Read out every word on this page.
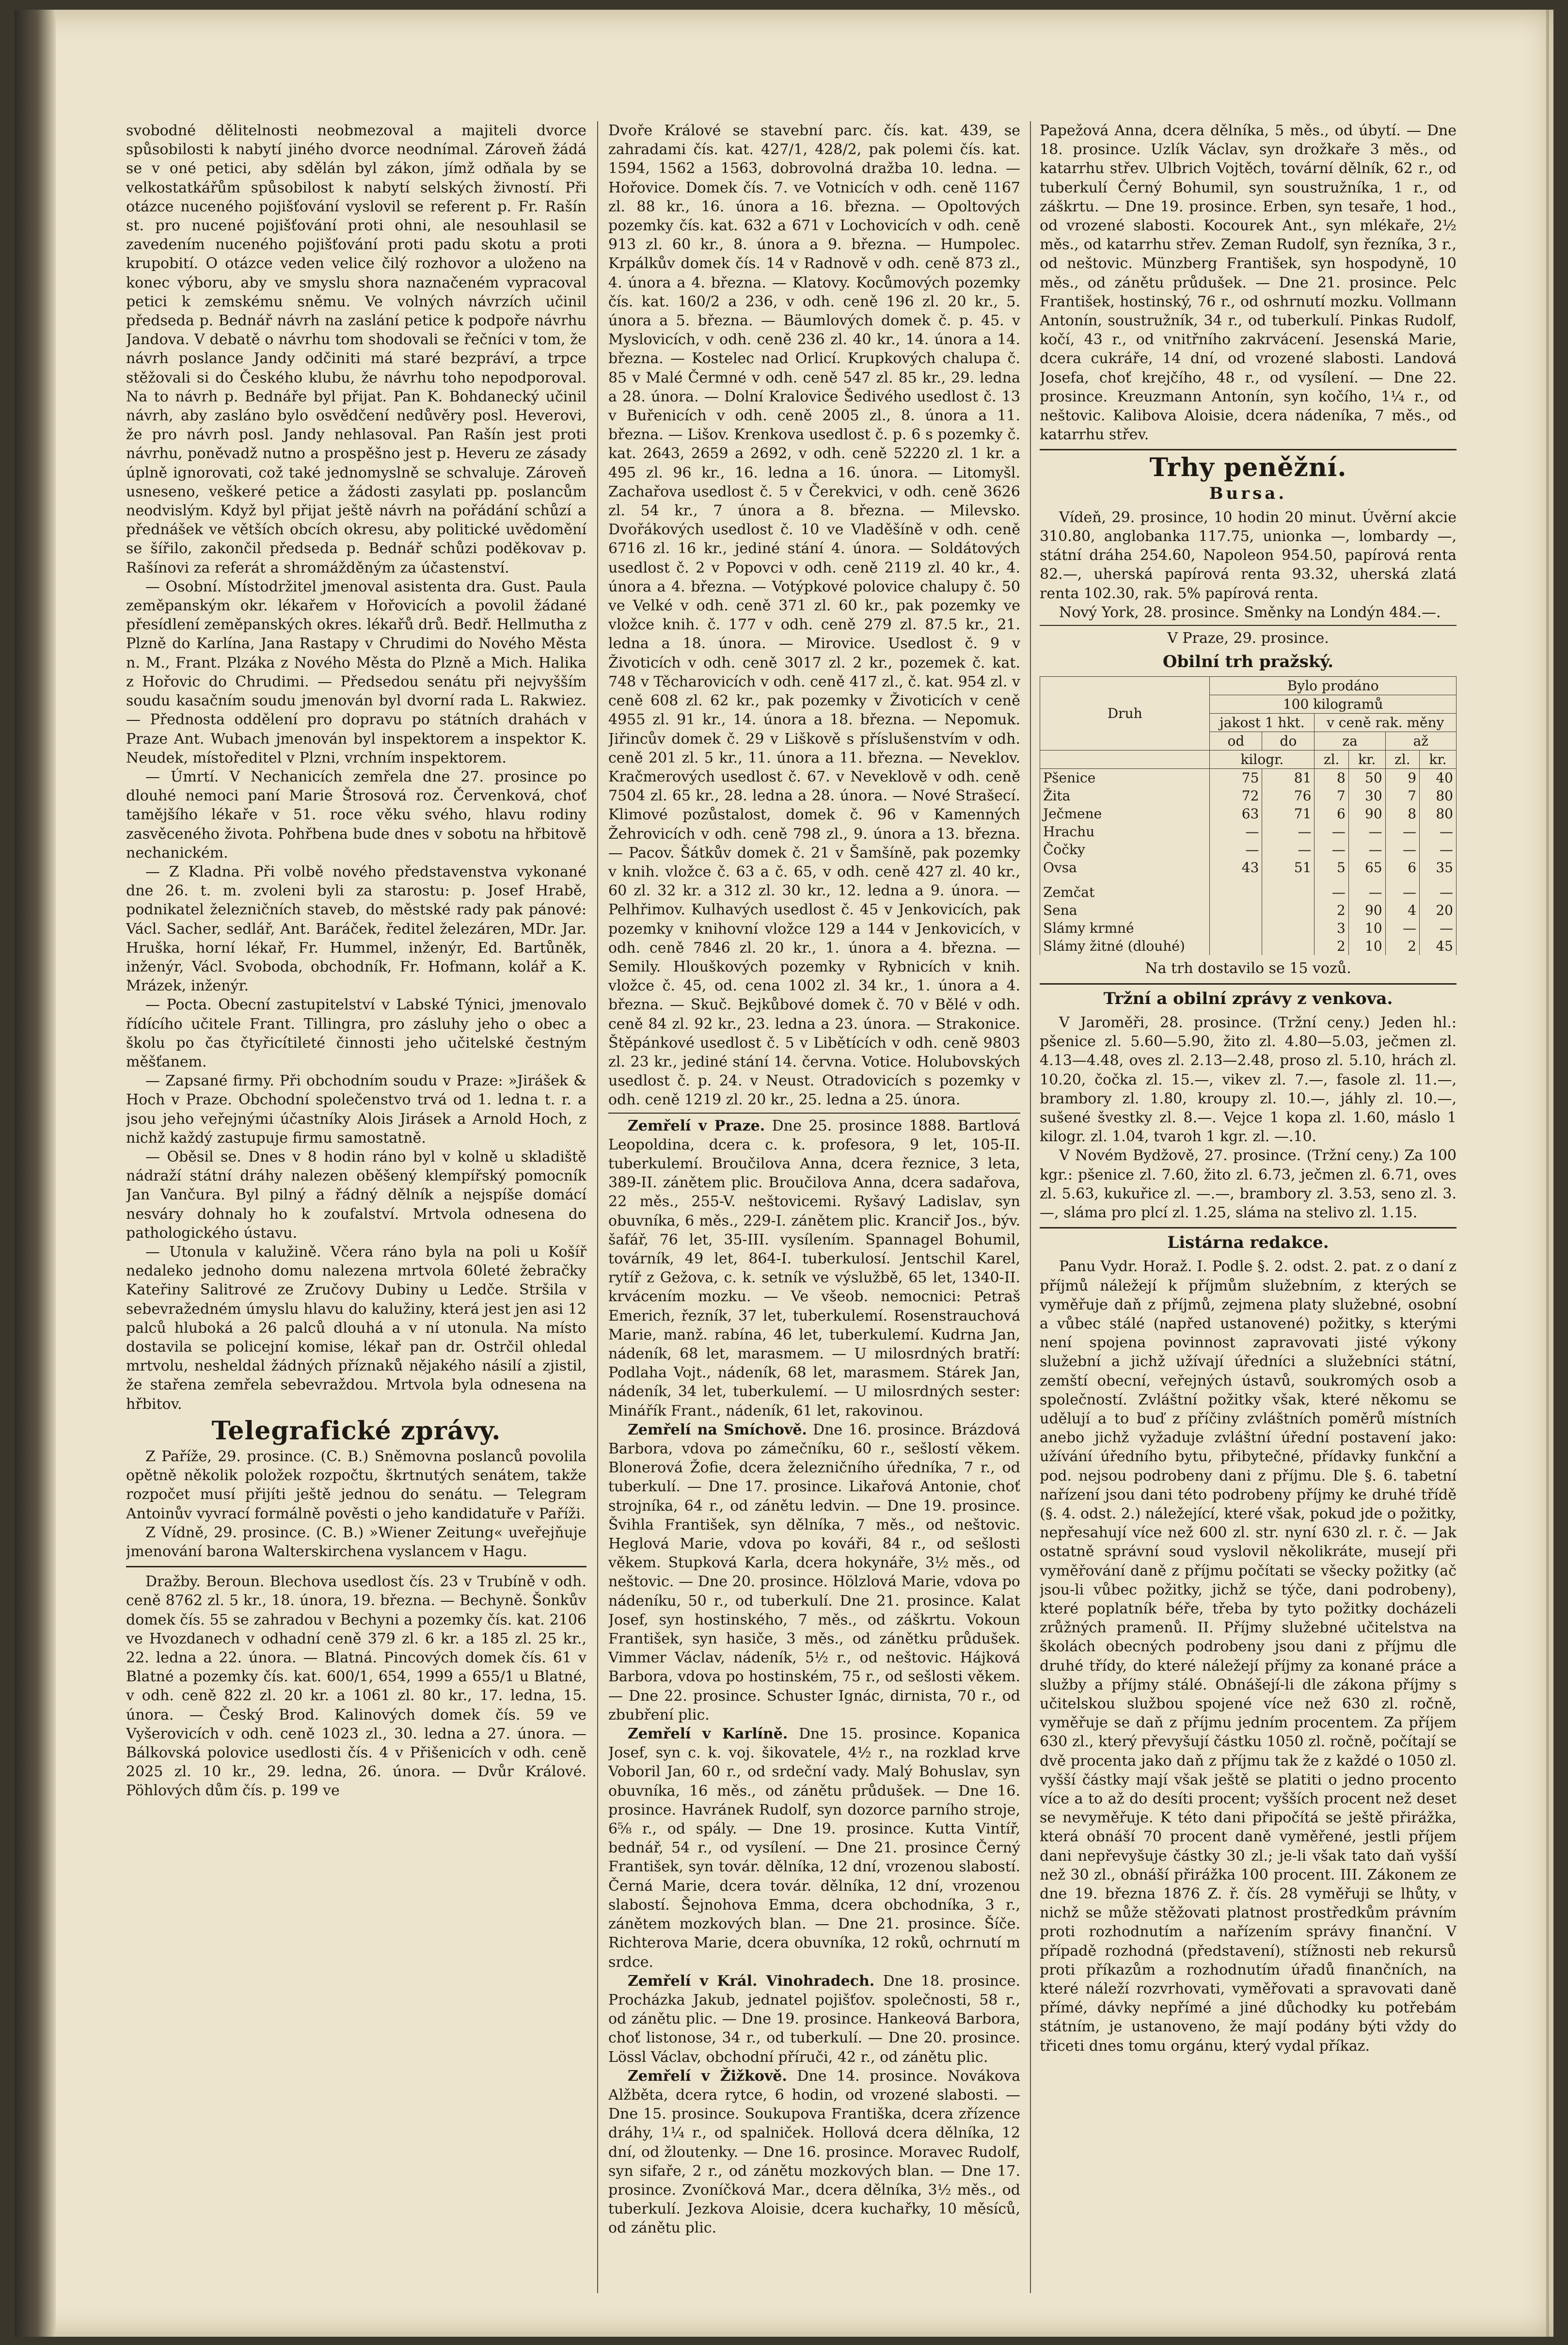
svobodné dělitelnosti neobmezoval a majiteli dvorce spůsobilosti k nabytí jiného dvorce neodnímal. Zároveň žádá se v oné petici, aby sdělán byl zákon, jímž odňala by se velkostatkářům spůsobilost k nabytí selských živností. Při otázce nuceného pojišťování vyslovil se referent p. Fr. Rašín st. pro nucené pojišťování proti ohni, ale nesouhlasil se zavedením nuceného pojišťování proti padu skotu a proti krupobití. O otázce veden velice čilý rozhovor a uloženo na konec výboru, aby ve smyslu shora naznačeném vypracoval petici k zemskému sněmu. Ve volných návrzích učinil předseda p. Bednář návrh na zaslání petice k podpoře návrhu Jandova. V debatě o návrhu tom shodovali se řečníci v tom, že návrh poslance Jandy odčiniti má staré bezpráví, a trpce stěžovali si do Českého klubu, že návrhu toho nepodporoval. Na to návrh p. Bednáře byl přijat. Pan K. Bohdanecký učinil návrh, aby zasláno bylo osvědčení nedůvěry posl. Heverovi, že pro návrh posl. Jandy nehlasoval. Pan Rašín jest proti návrhu, poněvadž nutno a prospěšno jest p. Heveru ze zásady úplně ignorovati, což také jednomyslně se schvaluje. Zároveň usneseno, veškeré petice a žádosti zasylati pp. poslancům neodvislým. Když byl přijat ještě návrh na pořádání schůzí a přednášek ve větších obcích okresu, aby politické uvědomění se šířilo, zakončil předseda p. Bednář schůzi poděkovav p. Rašínovi za referát a shromážděným za účastenství.

— Osobní. Místodržitel jmenoval asistenta dra. Gust. Paula zeměpanským okr. lékařem v Hořovicích a povolil žádané přesídlení zeměpanských okres. lékařů drů. Bedř. Hellmutha z Plzně do Karlína, Jana Rastapy v Chrudimi do Nového Města n. M., Frant. Plzáka z Nového Města do Plzně a Mich. Halika z Hořovic do Chrudimi. — Předsedou senátu při nejvyšším soudu kasačním soudu jmenován byl dvorní rada L. Rakwiez. — Přednosta oddělení pro dopravu po státních drahách v Praze Ant. Wubach jmenován byl inspektorem a inspektor K. Neudek, místoředitel v Plzni, vrchním inspektorem.

— Úmrtí. V Nechanicích zemřela dne 27. prosince po dlouhé nemoci paní Marie Štrosová roz. Červenková, choť tamějšího lékaře v 51. roce věku svého, hlavu rodiny zasvěceného života. Pohřbena bude dnes v sobotu na hřbitově nechanickém.

— Z Kladna. Při volbě nového představenstva vykonané dne 26. t. m. zvoleni byli za starostu: p. Josef Hrabě, podnikatel železničních staveb, do městské rady pak pánové: Václ. Sacher, sedlář, Ant. Baráček, ředitel železáren, MDr. Jar. Hruška, horní lékař, Fr. Hummel, inženýr, Ed. Bartůněk, inženýr, Václ. Svoboda, obchodník, Fr. Hofmann, kolář a K. Mrázek, inženýr.

— Pocta. Obecní zastupitelství v Labské Týnici, jmenovalo řídícího učitele Frant. Tillingra, pro zásluhy jeho o obec a školu po čas čtyřicítileté činnosti jeho učitelské čestným měšťanem.

— Zapsané firmy. Při obchodním soudu v Praze: »Jirášek & Hoch v Praze. Obchodní společenstvo trvá od 1. ledna t. r. a jsou jeho veřejnými účastníky Alois Jirásek a Arnold Hoch, z nichž každý zastupuje firmu samostatně.

— Oběsil se. Dnes v 8 hodin ráno byl v kolně u skladiště nádraží státní dráhy nalezen oběšený klempířský pomocník Jan Vančura. Byl pilný a řádný dělník a nejspíše domácí nesváry dohnaly ho k zoufalství. Mrtvola odnesena do pathologického ústavu.

— Utonula v kalužině. Včera ráno byla na poli u Košíř nedaleko jednoho domu nalezena mrtvola 60leté žebračky Kateřiny Salitrové ze Zručovy Dubiny u Ledče. Stršila v sebevražedném úmyslu hlavu do kalužiny, která jest jen asi 12 palců hluboká a 26 palců dlouhá a v ní utonula. Na místo dostavila se policejní komise, lékař pan dr. Ostrčil ohledal mrtvolu, nesheldal žádných příznaků nějakého násilí a zjistil, že stařena zemřela sebevraždou. Mrtvola byla odnesena na hřbitov.

Telegrafické zprávy.

Z Paříže, 29. prosince. (C. B.) Sněmovna poslanců povolila opětně několik položek rozpočtu, škrtnutých senátem, takže rozpočet musí přijíti ještě jednou do senátu. — Telegram Antoinův vyvrací formálně pověsti o jeho kandidatuře v Paříži.

Z Vídně, 29. prosince. (C. B.) »Wiener Zeitung« uveřejňuje jmenování barona Walterskirchena vyslancem v Hagu.

Dražby. Beroun. Blechova usedlost čís. 23 v Trubíně v odh. ceně 8762 zl. 5 kr., 18. února, 19. března. — Bechyně. Šonkův domek čís. 55 se zahradou v Bechyni a pozemky čís. kat. 2106 ve Hvozdanech v odhadní ceně 379 zl. 6 kr. a 185 zl. 25 kr., 22. ledna a 22. února. — Blatná. Pincových domek čís. 61 v Blatné a pozemky čís. kat. 600/1, 654, 1999 a 655/1 u Blatné, v odh. ceně 822 zl. 20 kr. a 1061 zl. 80 kr., 17. ledna, 15. února. — Český Brod. Kalinových domek čís. 59 ve Vyšerovicích v odh. ceně 1023 zl., 30. ledna a 27. února. — Bálkovská polovice usedlosti čís. 4 v Přišenicích v odh. ceně 2025 zl. 10 kr., 29. ledna, 26. února. — Dvůr Králové. Pöhlových dům čís. p. 199 ve

Dvoře Králové se stavební parc. čís. kat. 439, se zahradami čís. kat. 427/1, 428/2, pak polemi čís. kat. 1594, 1562 a 1563, dobrovolná dražba 10. ledna. — Hořovice. Domek čís. 7. ve Votnicích v odh. ceně 1167 zl. 88 kr., 16. února a 16. března. — Opoltových pozemky čís. kat. 632 a 671 v Lochovicích v odh. ceně 913 zl. 60 kr., 8. února a 9. března. — Humpolec. Krpálkův domek čís. 14 v Radnově v odh. ceně 873 zl., 4. února a 4. března. — Klatovy. Kocůmových pozemky čís. kat. 160/2 a 236, v odh. ceně 196 zl. 20 kr., 5. února a 5. března. — Bäumlových domek č. p. 45. v Myslovicích, v odh. ceně 236 zl. 40 kr., 14. února a 14. března. — Kostelec nad Orlicí. Krupkových chalupa č. 85 v Malé Čermné v odh. ceně 547 zl. 85 kr., 29. ledna a 28. února. — Dolní Kralovice Šedivého usedlost č. 13 v Buřenicích v odh. ceně 2005 zl., 8. února a 11. března. — Lišov. Krenkova usedlost č. p. 6 s pozemky č. kat. 2643, 2659 a 2692, v odh. ceně 52220 zl. 1 kr. a 495 zl. 96 kr., 16. ledna a 16. února. — Litomyšl. Zachařova usedlost č. 5 v Čerekvici, v odh. ceně 3626 zl. 54 kr., 7 února a 8. března. — Milevsko. Dvořákových usedlost č. 10 ve Vladěšíně v odh. ceně 6716 zl. 16 kr., jediné stání 4. února. — Soldátových usedlost č. 2 v Popovci v odh. ceně 2119 zl. 40 kr., 4. února a 4. března. — Votýpkové polovice chalupy č. 50 ve Velké v odh. ceně 371 zl. 60 kr., pak pozemky ve vložce knih. č. 177 v odh. ceně 279 zl. 87.5 kr., 21. ledna a 18. února. — Mirovice. Usedlost č. 9 v Životicích v odh. ceně 3017 zl. 2 kr., pozemek č. kat. 748 v Těcharovicích v odh. ceně 417 zl., č. kat. 954 zl. v ceně 608 zl. 62 kr., pak pozemky v Životicích v ceně 4955 zl. 91 kr., 14. února a 18. března. — Nepomuk. Jiřincův domek č. 29 v Liškově s příslušenstvím v odh. ceně 201 zl. 5 kr., 11. února a 11. března. — Neveklov. Kračmerových usedlost č. 67. v Neveklově v odh. ceně 7504 zl. 65 kr., 28. ledna a 28. února. — Nové Strašecí. Klimové pozůstalost, domek č. 96 v Kamenných Žehrovicích v odh. ceně 798 zl., 9. února a 13. března. — Pacov. Šátkův domek č. 21 v Šamšíně, pak pozemky v knih. vložce č. 63 a č. 65, v odh. ceně 427 zl. 40 kr., 60 zl. 32 kr. a 312 zl. 30 kr., 12. ledna a 9. února. — Pelhřimov. Kulhavých usedlost č. 45 v Jenkovicích, pak pozemky v knihovní vložce 129 a 144 v Jenkovicích, v odh. ceně 7846 zl. 20 kr., 1. února a 4. března. — Semily. Hlouškových pozemky v Rybnicích v knih. vložce č. 45, od. cena 1002 zl. 34 kr., 1. února a 4. března. — Skuč. Bejkůbové domek č. 70 v Bělé v odh. ceně 84 zl. 92 kr., 23. ledna a 23. února. — Strakonice. Štěpánkové usedlost č. 5 v Libětících v odh. ceně 9803 zl. 23 kr., jediné stání 14. června. Votice. Holubovských usedlost č. p. 24. v Neust. Otradovicích s pozemky v odh. ceně 1219 zl. 20 kr., 25. ledna a 25. února.

Zemřelí v Praze. Dne 25. prosince 1888. Bartlová Leopoldina, dcera c. k. profesora, 9 let, 105-II. tuberkulemí. Broučilova Anna, dcera řeznice, 3 leta, 389-II. zánětem plic. Broučilova Anna, dcera sadařova, 22 měs., 255-V. neštovicemi. Ryšavý Ladislav, syn obuvníka, 6 měs., 229-I. zánětem plic. Kranciř Jos., býv. šafář, 76 let, 35-III. vysílením. Spannagel Bohumil, továrník, 49 let, 864-I. tuberkulosí. Jentschil Karel, rytíř z Gežova, c. k. setník ve výslužbě, 65 let, 1340-II. krvácením mozku. — Ve všeob. nemocnici: Petraš Emerich, řezník, 37 let, tuberkulemí. Rosenstrauchová Marie, manž. rabína, 46 let, tuberkulemí. Kudrna Jan, nádeník, 68 let, marasmem. — U milosrdných bratří: Podlaha Vojt., nádeník, 68 let, marasmem. Stárek Jan, nádeník, 34 let, tuberkulemí. — U milosrdných sester: Minářík Frant., nádeník, 61 let, rakovinou.

Zemřelí na Smíchově. Dne 16. prosince. Brázdová Barbora, vdova po zámečníku, 60 r., sešlostí věkem. Blonerová Žofie, dcera železničního úředníka, 7 r., od tuberkulí. — Dne 17. prosince. Likařová Antonie, choť strojníka, 64 r., od zánětu ledvin. — Dne 19. prosince. Švihla František, syn dělníka, 7 měs., od neštovic. Heglová Marie, vdova po kováři, 84 r., od sešlosti věkem. Stupková Karla, dcera hokynáře, 3½ měs., od neštovic. — Dne 20. prosince. Hölzlová Marie, vdova po nádeníku, 50 r., od tuberkulí. Dne 21. prosince. Kalat Josef, syn hostinského, 7 měs., od záškrtu. Vokoun František, syn hasiče, 3 měs., od zánětku průdušek. Vimmer Václav, nádeník, 5½ r., od neštovic. Hájková Barbora, vdova po hostinském, 75 r., od sešlosti věkem. — Dne 22. prosince. Schuster Ignác, dirnista, 70 r., od zbubření plic.

Zemřelí v Karlíně. Dne 15. prosince. Kopanica Josef, syn c. k. voj. šikovatele, 4½ r., na rozklad krve Voboril Jan, 60 r., od srdeční vady. Malý Bohuslav, syn obuvníka, 16 měs., od zánětu průdušek. — Dne 16. prosince. Havránek Rudolf, syn dozorce parního stroje, 6⅝ r., od spály. — Dne 19. prosince. Kutta Vintíř, bednář, 54 r., od vysílení. — Dne 21. prosince Černý František, syn továr. dělníka, 12 dní, vrozenou slabostí. Černá Marie, dcera továr. dělníka, 12 dní, vrozenou slabostí. Šejnohova Emma, dcera obchodníka, 3 r., zánětem mozkových blan. — Dne 21. prosince. Šíče. Richterova Marie, dcera obuvníka, 12 roků, ochrnutí m srdce.

Zemřelí v Král. Vinohradech. Dne 18. prosince. Procházka Jakub, jednatel pojišťov. společnosti, 58 r., od zánětu plic. — Dne 19. prosince. Hankeová Barbora, choť listonose, 34 r., od tuberkulí. — Dne 20. prosince. Lössl Václav, obchodní příruči, 42 r., od zánětu plic.

Zemřelí v Žižkově. Dne 14. prosince. Novákova Alžběta, dcera rytce, 6 hodin, od vrozené slabosti. — Dne 15. prosince. Soukupova Františka, dcera zřízence dráhy, 1¼ r., od spalniček. Hollová dcera dělníka, 12 dní, od žloutenky. — Dne 16. prosince. Moravec Rudolf, syn sifaře, 2 r., od zánětu mozkových blan. — Dne 17. prosince. Zvoníčková Mar., dcera dělníka, 3½ měs., od tuberkulí. Jezkova Aloisie, dcera kuchařky, 10 měsíců, od zánětu plic.

Papežová Anna, dcera dělníka, 5 měs., od úbytí. — Dne 18. prosince. Uzlík Václav, syn drožkaře 3 měs., od katarrhu střev. Ulbrich Vojtěch, tovární dělník, 62 r., od tuberkulí Černý Bohumil, syn soustružníka, 1 r., od záškrtu. — Dne 19. prosince. Erben, syn tesaře, 1 hod., od vrozené slabosti. Kocourek Ant., syn mlékaře, 2½ měs., od katarrhu střev. Zeman Rudolf, syn řezníka, 3 r., od neštovic. Münzberg František, syn hospodyně, 10 měs., od zánětu průdušek. — Dne 21. prosince. Pelc František, hostinský, 76 r., od oshrnutí mozku. Vollmann Antonín, soustružník, 34 r., od tuberkulí. Pinkas Rudolf, kočí, 43 r., od vnitřního zakrvácení. Jesenská Marie, dcera cukráře, 14 dní, od vrozené slabosti. Landová Josefa, choť krejčího, 48 r., od vysílení. — Dne 22. prosince. Kreuzmann Antonín, syn kočího, 1¼ r., od neštovic. Kalibova Aloisie, dcera nádeníka, 7 měs., od katarrhu střev.

Trhy peněžní.
Bursa.

Vídeň, 29. prosince, 10 hodin 20 minut. Úvěrní akcie 310.80, anglobanka 117.75, unionka —, lombardy —, státní dráha 254.60, Napoleon 954.50, papírová renta 82.—, uherská papírová renta 93.32, uherská zlatá renta 102.30, rak. 5% papírová renta.

Nový York, 28. prosince. Směnky na Londýn 484.—.

V Praze, 29. prosince.
Obilní trh pražský.
Druh	Bylo prodáno					
	100 kilogramů					
	jakost 1 hkt.		v ceně rak. měny			
	od	do	za		až	
	kilogr.		zl.	kr.	zl.	kr.
Pšenice	75	81	8	50	9	40
Žita	72	76	7	30	7	80
Ječmene	63	71	6	90	8	80
Hrachu	—	—	—	—	—	—
Čočky	—	—	—	—	—	—
Ovsa	43	51	5	65	6	35

Zemčat			—	—	—	—
Sena			2	90	4	20
Slámy krmné			3	10	—	—
Slámy žitné (dlouhé)			2	10	2	45
Na trh dostavilo se 15 vozů.
Tržní a obilní zprávy z venkova.

V Jaroměři, 28. prosince. (Tržní ceny.) Jeden hl.: pšenice zl. 5.60—5.90, žito zl. 4.80—5.03, ječmen zl. 4.13—4.48, oves zl. 2.13—2.48, proso zl. 5.10, hrách zl. 10.20, čočka zl. 15.—, vikev zl. 7.—, fasole zl. 11.—, brambory zl. 1.80, kroupy zl. 10.—, jáhly zl. 10.—, sušené švestky zl. 8.—. Vejce 1 kopa zl. 1.60, máslo 1 kilogr. zl. 1.04, tvaroh 1 kgr. zl. —.10.

V Novém Bydžově, 27. prosince. (Tržní ceny.) Za 100 kgr.: pšenice zl. 7.60, žito zl. 6.73, ječmen zl. 6.71, oves zl. 5.63, kukuřice zl. —.—, brambory zl. 3.53, seno zl. 3.—, sláma pro plcí zl. 1.25, sláma na stelivo zl. 1.15.

Listárna redakce.

Panu Vydr. Horaž. I. Podle §. 2. odst. 2. pat. z o daní z příjmů náležejí k příjmům služebním, z kterých se vyměřuje daň z příjmů, zejmena platy služebné, osobní a vůbec stálé (napřed ustanovené) požitky, s kterými není spojena povinnost zapravovati jisté výkony služební a jichž užívají úředníci a služebníci státní, zemští obecní, veřejných ústavů, soukromých osob a společností. Zvláštní požitky však, které někomu se udělují a to buď z příčiny zvláštních poměrů místních anebo jichž vyžaduje zvláštní úřední postavení jako: užívání úředního bytu, přibytečné, přídavky funkční a pod. nejsou podrobeny dani z příjmu. Dle §. 6. tabetní nařízení jsou dani této podrobeny příjmy ke druhé třídě (§. 4. odst. 2.) náležející, které však, pokud jde o požitky, nepřesahují více než 600 zl. str. nyní 630 zl. r. č. — Jak ostatně správní soud vyslovil několikráte, musejí při vyměřování daně z příjmu počítati se všecky požitky (ač jsou-li vůbec požitky, jichž se týče, dani podrobeny), které poplatník béře, třeba by tyto požitky docházeli zrůžných pramenů. II. Příjmy služebné učitelstva na školách obecných podrobeny jsou dani z příjmu dle druhé třídy, do které náležejí příjmy za konané práce a služby a příjmy stálé. Obnášejí-li dle zákona příjmy s učitelskou službou spojené více než 630 zl. ročně, vyměřuje se daň z příjmu jedním procentem. Za příjem 630 zl., který převyšují částku 1050 zl. ročně, počítají se dvě procenta jako daň z příjmu tak že z každé o 1050 zl. vyšší částky mají však ještě se platiti o jedno procento více a to až do desíti procent; vyšších procent než deset se nevyměřuje. K této dani připočítá se ještě přirážka, která obnáší 70 procent daně vyměřené, jestli příjem dani nepřevyšuje částky 30 zl.; je-li však tato daň vyšší než 30 zl., obnáší přirážka 100 procent. III. Zákonem ze dne 19. března 1876 Z. ř. čís. 28 vyměřuji se lhůty, v nichž se může stěžovati platnost prostředkům právním proti rozhodnutím a nařízením správy finanční. V případě rozhodná (představení), stížnosti neb rekursů proti příkazům a rozhodnutím úřadů finančních, na které náleží rozvrhovati, vyměřovati a spravovati daně přímé, dávky nepřímé a jiné důchodky ku potřebám státním, je ustanoveno, že mají podány býti vždy do třiceti dnes tomu orgánu, který vydal příkaz.
